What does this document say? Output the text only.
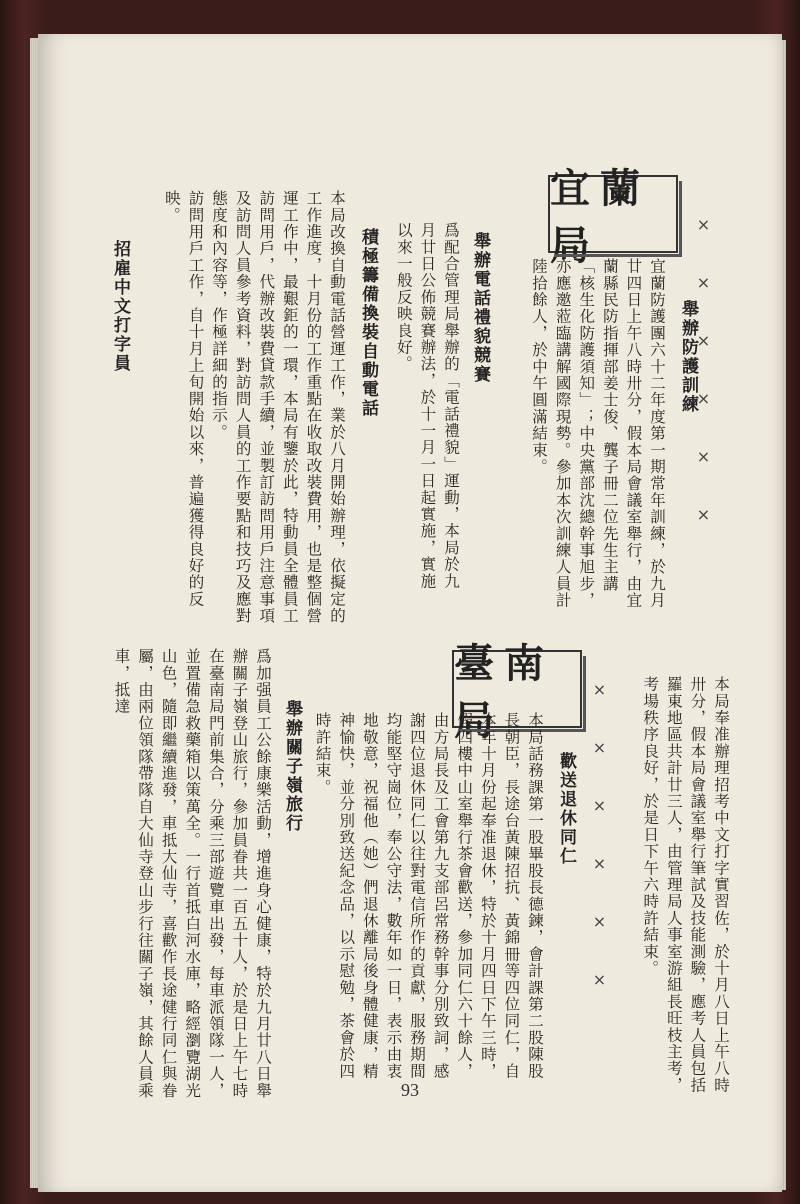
宜蘭局	××××××
舉辦防護訓練
宜蘭防護團六十二年度第一期常年訓練，於九月廿四日上午八時卅分，假本局會議室舉行，由宜蘭縣民防指揮部姜士俊、龔子冊二位先生主講「核生化防護須知」；中央黨部沈總幹事旭步，亦應邀蒞臨講解國際現勢。參加本次訓練人員計陸拾餘人，於中午圓滿結束。
舉辦電話禮貌競賽
爲配合管理局舉辦的「電話禮貌」運動，本局於九月廿日公佈競賽辦法，於十一月一日起實施，實施以來一般反映良好。
積極籌備換裝自動電話
本局改換自動電話營運工作，業於八月開始辦理，依擬定的工作進度，十月份的工作重點在收取改裝費用，也是整個營運工作中，最艱鉅的一環，本局有鑒於此，特動員全體員工訪問用戶，代辦改裝費貸款手續，並製訂訪問用戶注意事項及訪問人員參考資料，對訪問人員的工作要點和技巧及應對態度和內容等，作極詳細的指示。
訪問用戶工作，自十月上旬開始以來，普遍獲得良好的反映。
招雇中文打字員
本局奉准辦理招考中文打字實習佐，於十月八日上午八時卅分，假本局會議室舉行筆試及技能測驗，應考人員包括羅東地區共計廿三人，由管理局人事室游組長旺枝主考，考場秩序良好，於是日下午六時許結束。
臺南局	××××××
歡送退休同仁
本局話務課第一股畢股長德鍊，會計課第二股陳股長朝臣，長途台黃陳招抗、黃錦冊等四位同仁，自本年十月份起奉准退休，特於十月四日下午三時，假四樓中山室舉行茶會歡送，參加同仁六十餘人，由方局長及工會第九支部呂常務幹事分別致詞，感謝四位退休同仁以往對電信所作的貢獻，服務期間均能堅守崗位，奉公守法，數年如一日，表示由衷地敬意，祝福他（她）們退休離局後身體健康，精神愉快，並分別致送紀念品，以示慰勉，茶會於四時許結束。
舉辦關子嶺旅行
爲加强員工公餘康樂活動，增進身心健康，特於九月廿八日舉辦關子嶺登山旅行，參加員眷共一百五十人，於是日上午七時在臺南局門前集合，分乘三部遊覽車出發，每車派領隊一人，並置備急救藥箱以策萬全。一行首抵白河水庫，略經瀏覽湖光山色，隨即繼續進發，車抵大仙寺，喜歡作長途健行同仁與眷屬，由兩位領隊帶隊自大仙寺登山步行往關子嶺，其餘人員乘車，抵達
93
